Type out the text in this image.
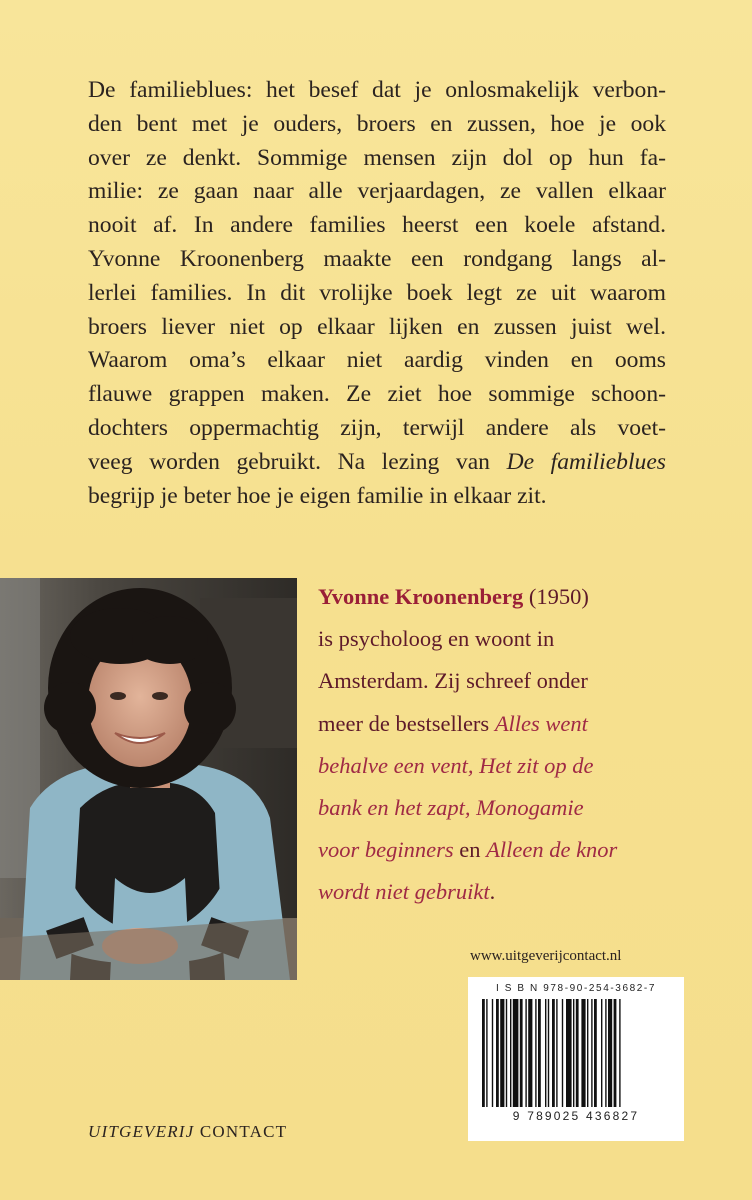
De familieblues: het besef dat je onlosmakelijk verbon-
den bent met je ouders, broers en zussen, hoe je ook
over ze denkt. Sommige mensen zijn dol op hun fa-
milie: ze gaan naar alle verjaardagen, ze vallen elkaar
nooit af. In andere families heerst een koele afstand.
Yvonne Kroonenberg maakte een rondgang langs al-
lerlei families. In dit vrolijke boek legt ze uit waarom
broers liever niet op elkaar lijken en zussen juist wel.
Waarom oma’s elkaar niet aardig vinden en ooms
flauwe grappen maken. Ze ziet hoe sommige schoon-
dochters oppermachtig zijn, terwijl andere als voet-
veeg worden gebruikt. Na lezing van De familieblues
begrijp je beter hoe je eigen familie in elkaar zit.
Yvonne Kroonenberg (1950)
is psycholoog en woont in
Amsterdam. Zij schreef onder
meer de bestsellers Alles went
behalve een vent, Het zit op de
bank en het zapt, Monogamie
voor beginners en Alleen de knor
wordt niet gebruikt.
www.uitgeverijcontact.nl
I S B N 978-90-254-3682-7
9 789025 436827
UITGEVERIJ CONTACT
